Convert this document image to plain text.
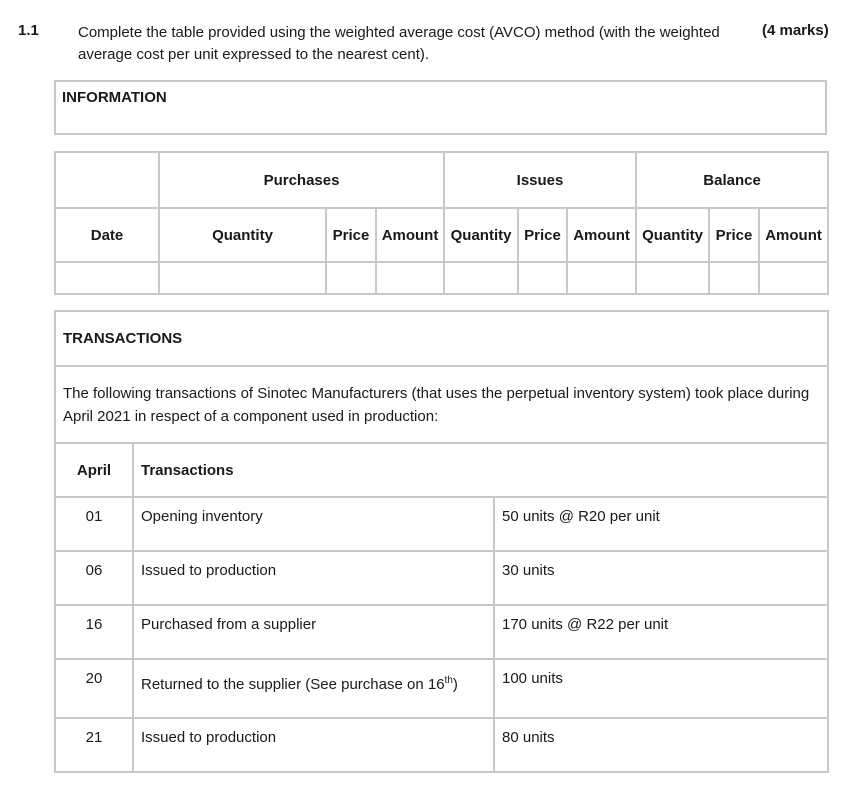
1.1	Complete the table provided using the weighted average cost (AVCO) method (with the weighted average cost per unit expressed to the nearest cent).
(4 marks)
INFORMATION
	Purchases			Issues			Balance		
Date	Quantity	Price	Amount	Quantity	Price	Amount	Quantity	Price	Amount

TRANSACTIONS		
The following transactions of Sinotec Manufacturers (that uses the perpetual inventory system) took place during April 2021 in respect of a component used in production:		
April	Transactions	
01	Opening inventory	50 units @ R20 per unit
06	Issued to production	30 units
16	Purchased from a supplier	170 units @ R22 per unit
20	Returned to the supplier (See purchase on 16th)	100 units
21	Issued to production	80 units
